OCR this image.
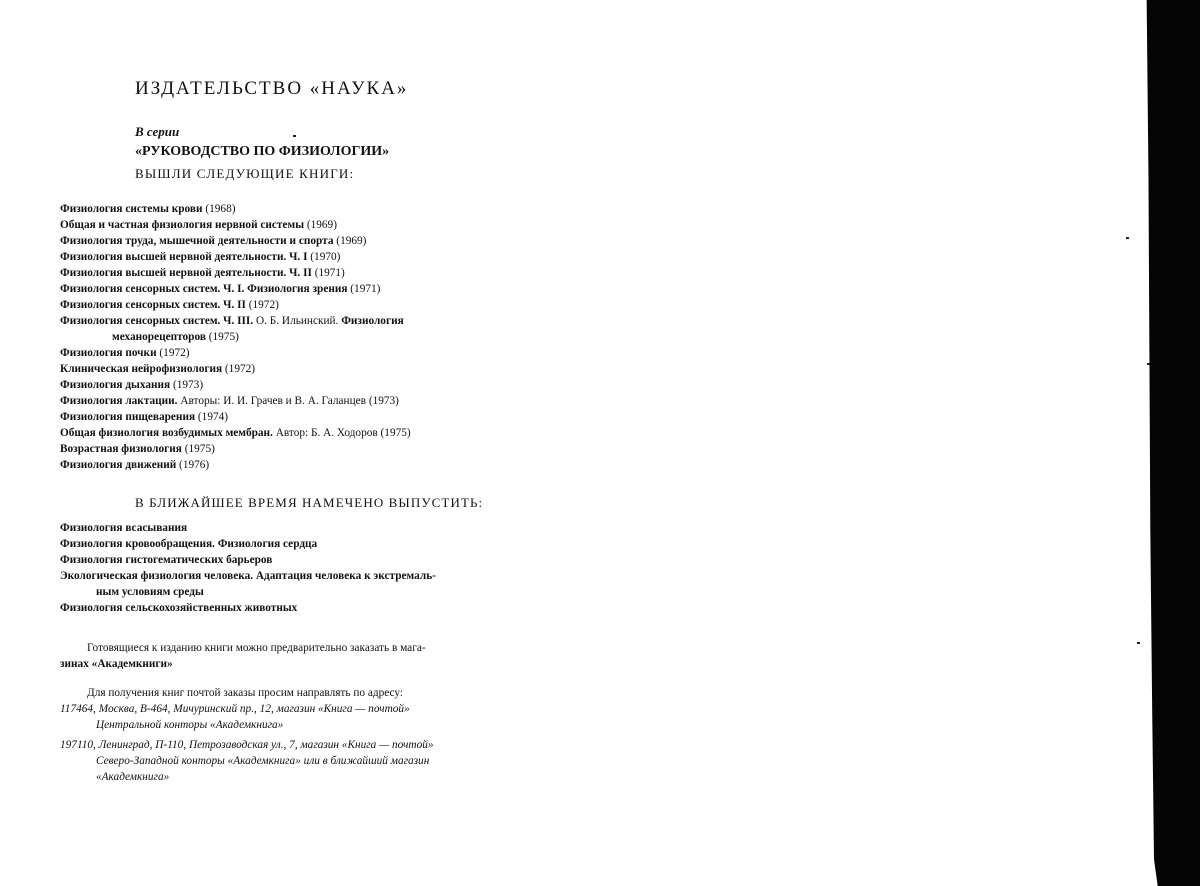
ИЗДАТЕЛЬСТВО «НАУКА»
В серии
«РУКОВОДСТВО ПО ФИЗИОЛОГИИ»
ВЫШЛИ СЛЕДУЮЩИЕ КНИГИ:
Физиология системы крови (1968)
Общая и частная физиология нервной системы (1969)
Физиология труда, мышечной деятельности и спорта (1969)
Физиология высшей нервной деятельности. Ч. I (1970)
Физиология высшей нервной деятельности. Ч. II (1971)
Физиология сенсорных систем. Ч. I. Физиология зрения (1971)
Физиология сенсорных систем. Ч. II (1972)
Физиология сенсорных систем. Ч. III. О. Б. Ильинский. Физиология
механорецепторов (1975)
Физиология почки (1972)
Клиническая нейрофизиология (1972)
Физиология дыхания (1973)
Физиология лактации. Авторы: И. И. Грачев и В. А. Галанцев (1973)
Физиология пищеварения (1974)
Общая физиология возбудимых мембран. Автор: Б. А. Ходоров (1975)
Возрастная физиология (1975)
Физиология движений (1976)
В БЛИЖАЙШЕЕ ВРЕМЯ НАМЕЧЕНО ВЫПУСТИТЬ:
Физиология всасывания
Физиология кровообращения. Физиология сердца
Физиология гистогематических барьеров
Экологическая физиология человека. Адаптация человека к экстремаль-
ным условиям среды
Физиология сельскохозяйственных животных
Готовящиеся к изданию книги можно предварительно заказать в мага-
зинах «Академкниги»
Для получения книг почтой заказы просим направлять по адресу:
117464, Москва, В-464, Мичуринский пр., 12, магазин «Книга — почтой»
Центральной конторы «Академкнига»
197110, Ленинград, П-110, Петрозаводская ул., 7, магазин «Книга — почтой»
Северо-Западной конторы «Академкнига» или в ближайший магазин
«Академкнига»
